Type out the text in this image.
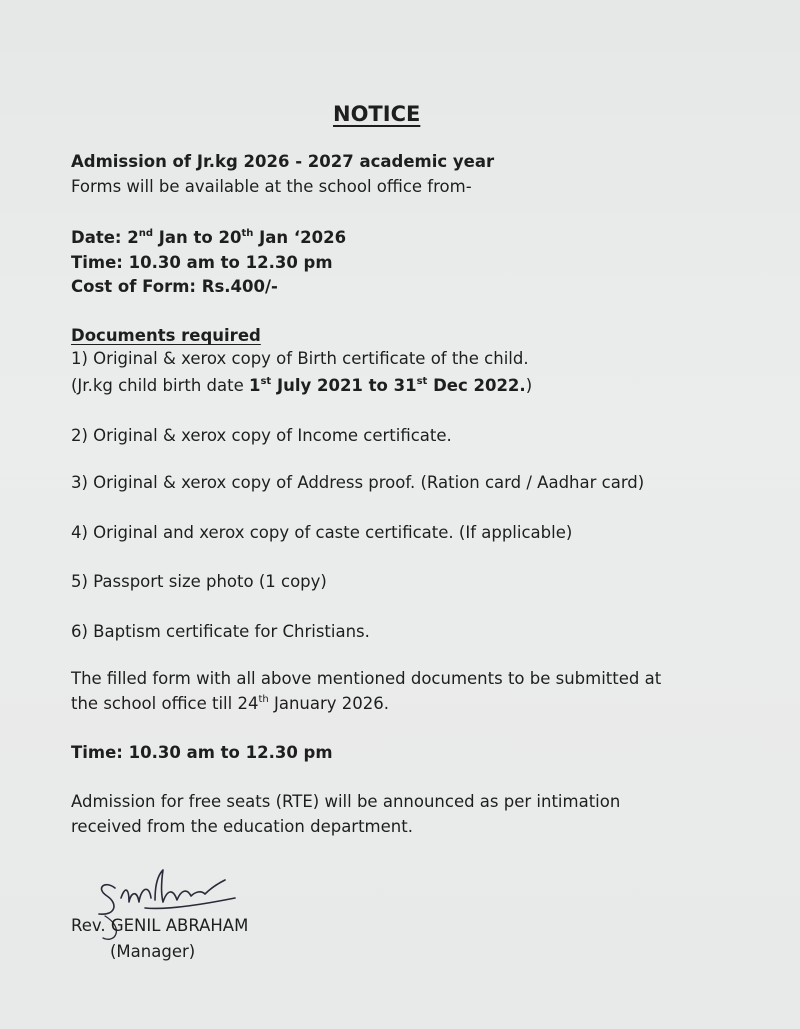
NOTICE
Admission of Jr.kg 2026 - 2027 academic year
Forms will be available at the school office from-
Date: 2nd Jan to 20th Jan ‘2026
Time: 10.30 am to 12.30 pm
Cost of Form: Rs.400/-
Documents required
1) Original & xerox copy of Birth certificate of the child.
(Jr.kg child birth date 1st July 2021 to 31st Dec 2022.)
2) Original & xerox copy of Income certificate.
3) Original & xerox copy of Address proof. (Ration card / Aadhar card)
4) Original and xerox copy of caste certificate. (If applicable)
5) Passport size photo (1 copy)
6) Baptism certificate for Christians.
The filled form with all above mentioned documents to be submitted at
the school office till 24th January 2026.
Time: 10.30 am to 12.30 pm
Admission for free seats (RTE) will be announced as per intimation
received from the education department.
Rev. GENIL ABRAHAM
(Manager)
